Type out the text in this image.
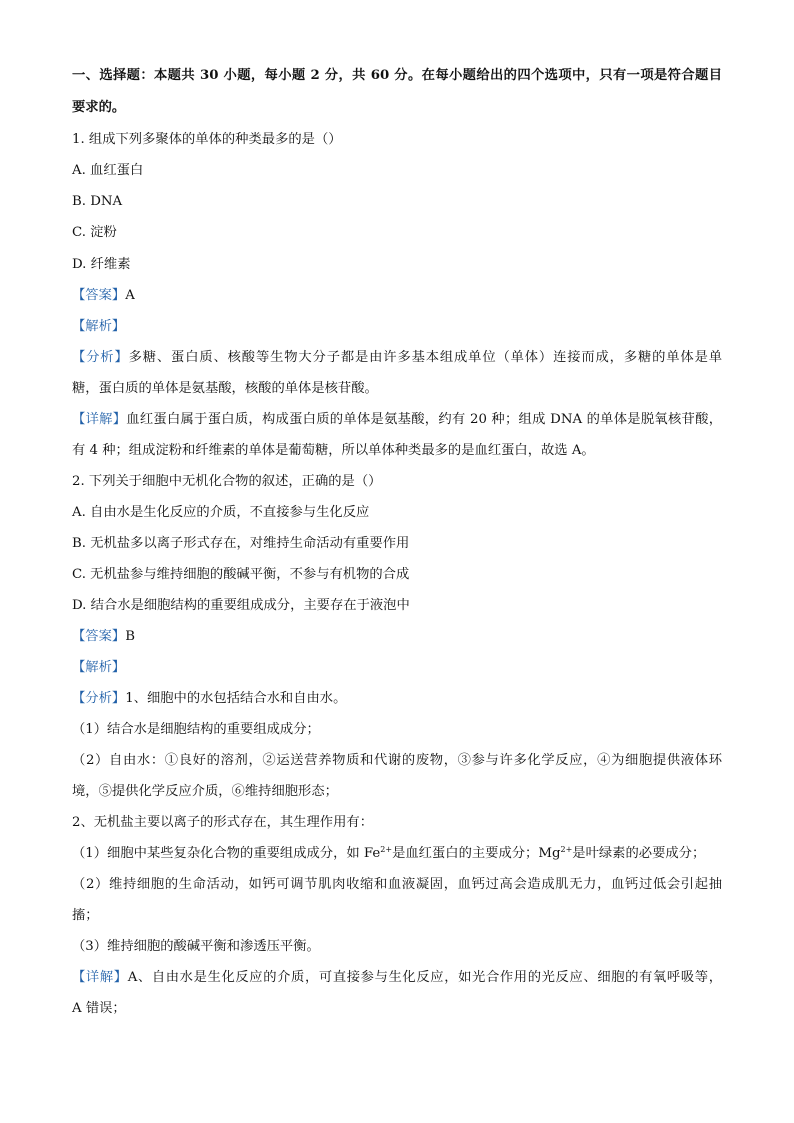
一、选择题：本题共 30 小题，每小题 2 分，共 60 分。在每小题给出的四个选项中，只有一项是符合题目
要求的。
1. 组成下列多聚体的单体的种类最多的是（）
A. 血红蛋白
B. DNA
C. 淀粉
D. 纤维素
【答案】A
【解析】
【分析】多糖、蛋白质、核酸等生物大分子都是由许多基本组成单位（单体）连接而成，多糖的单体是单
糖，蛋白质的单体是氨基酸，核酸的单体是核苷酸。
【详解】血红蛋白属于蛋白质，构成蛋白质的单体是氨基酸，约有 20 种；组成 DNA 的单体是脱氧核苷酸，
有 4 种；组成淀粉和纤维素的单体是葡萄糖，所以单体种类最多的是血红蛋白，故选 A。
2. 下列关于细胞中无机化合物的叙述，正确的是（）
A. 自由水是生化反应的介质，不直接参与生化反应
B. 无机盐多以离子形式存在，对维持生命活动有重要作用
C. 无机盐参与维持细胞的酸碱平衡，不参与有机物的合成
D. 结合水是细胞结构的重要组成成分，主要存在于液泡中
【答案】B
【解析】
【分析】1、细胞中的水包括结合水和自由水。
（1）结合水是细胞结构的重要组成成分；
（2）自由水：①良好的溶剂，②运送营养物质和代谢的废物，③参与许多化学反应，④为细胞提供液体环
境，⑤提供化学反应介质，⑥维持细胞形态；
2、无机盐主要以离子的形式存在，其生理作用有：
（1）细胞中某些复杂化合物的重要组成成分，如 $Fe^{2+}$是血红蛋白的主要成分；$Mg^{2+}$是叶绿素的必要成分；
（2）维持细胞的生命活动，如钙可调节肌肉收缩和血液凝固，血钙过高会造成肌无力，血钙过低会引起抽
搐；
（3）维持细胞的酸碱平衡和渗透压平衡。
【详解】A、自由水是生化反应的介质，可直接参与生化反应，如光合作用的光反应、细胞的有氧呼吸等，
A 错误；
